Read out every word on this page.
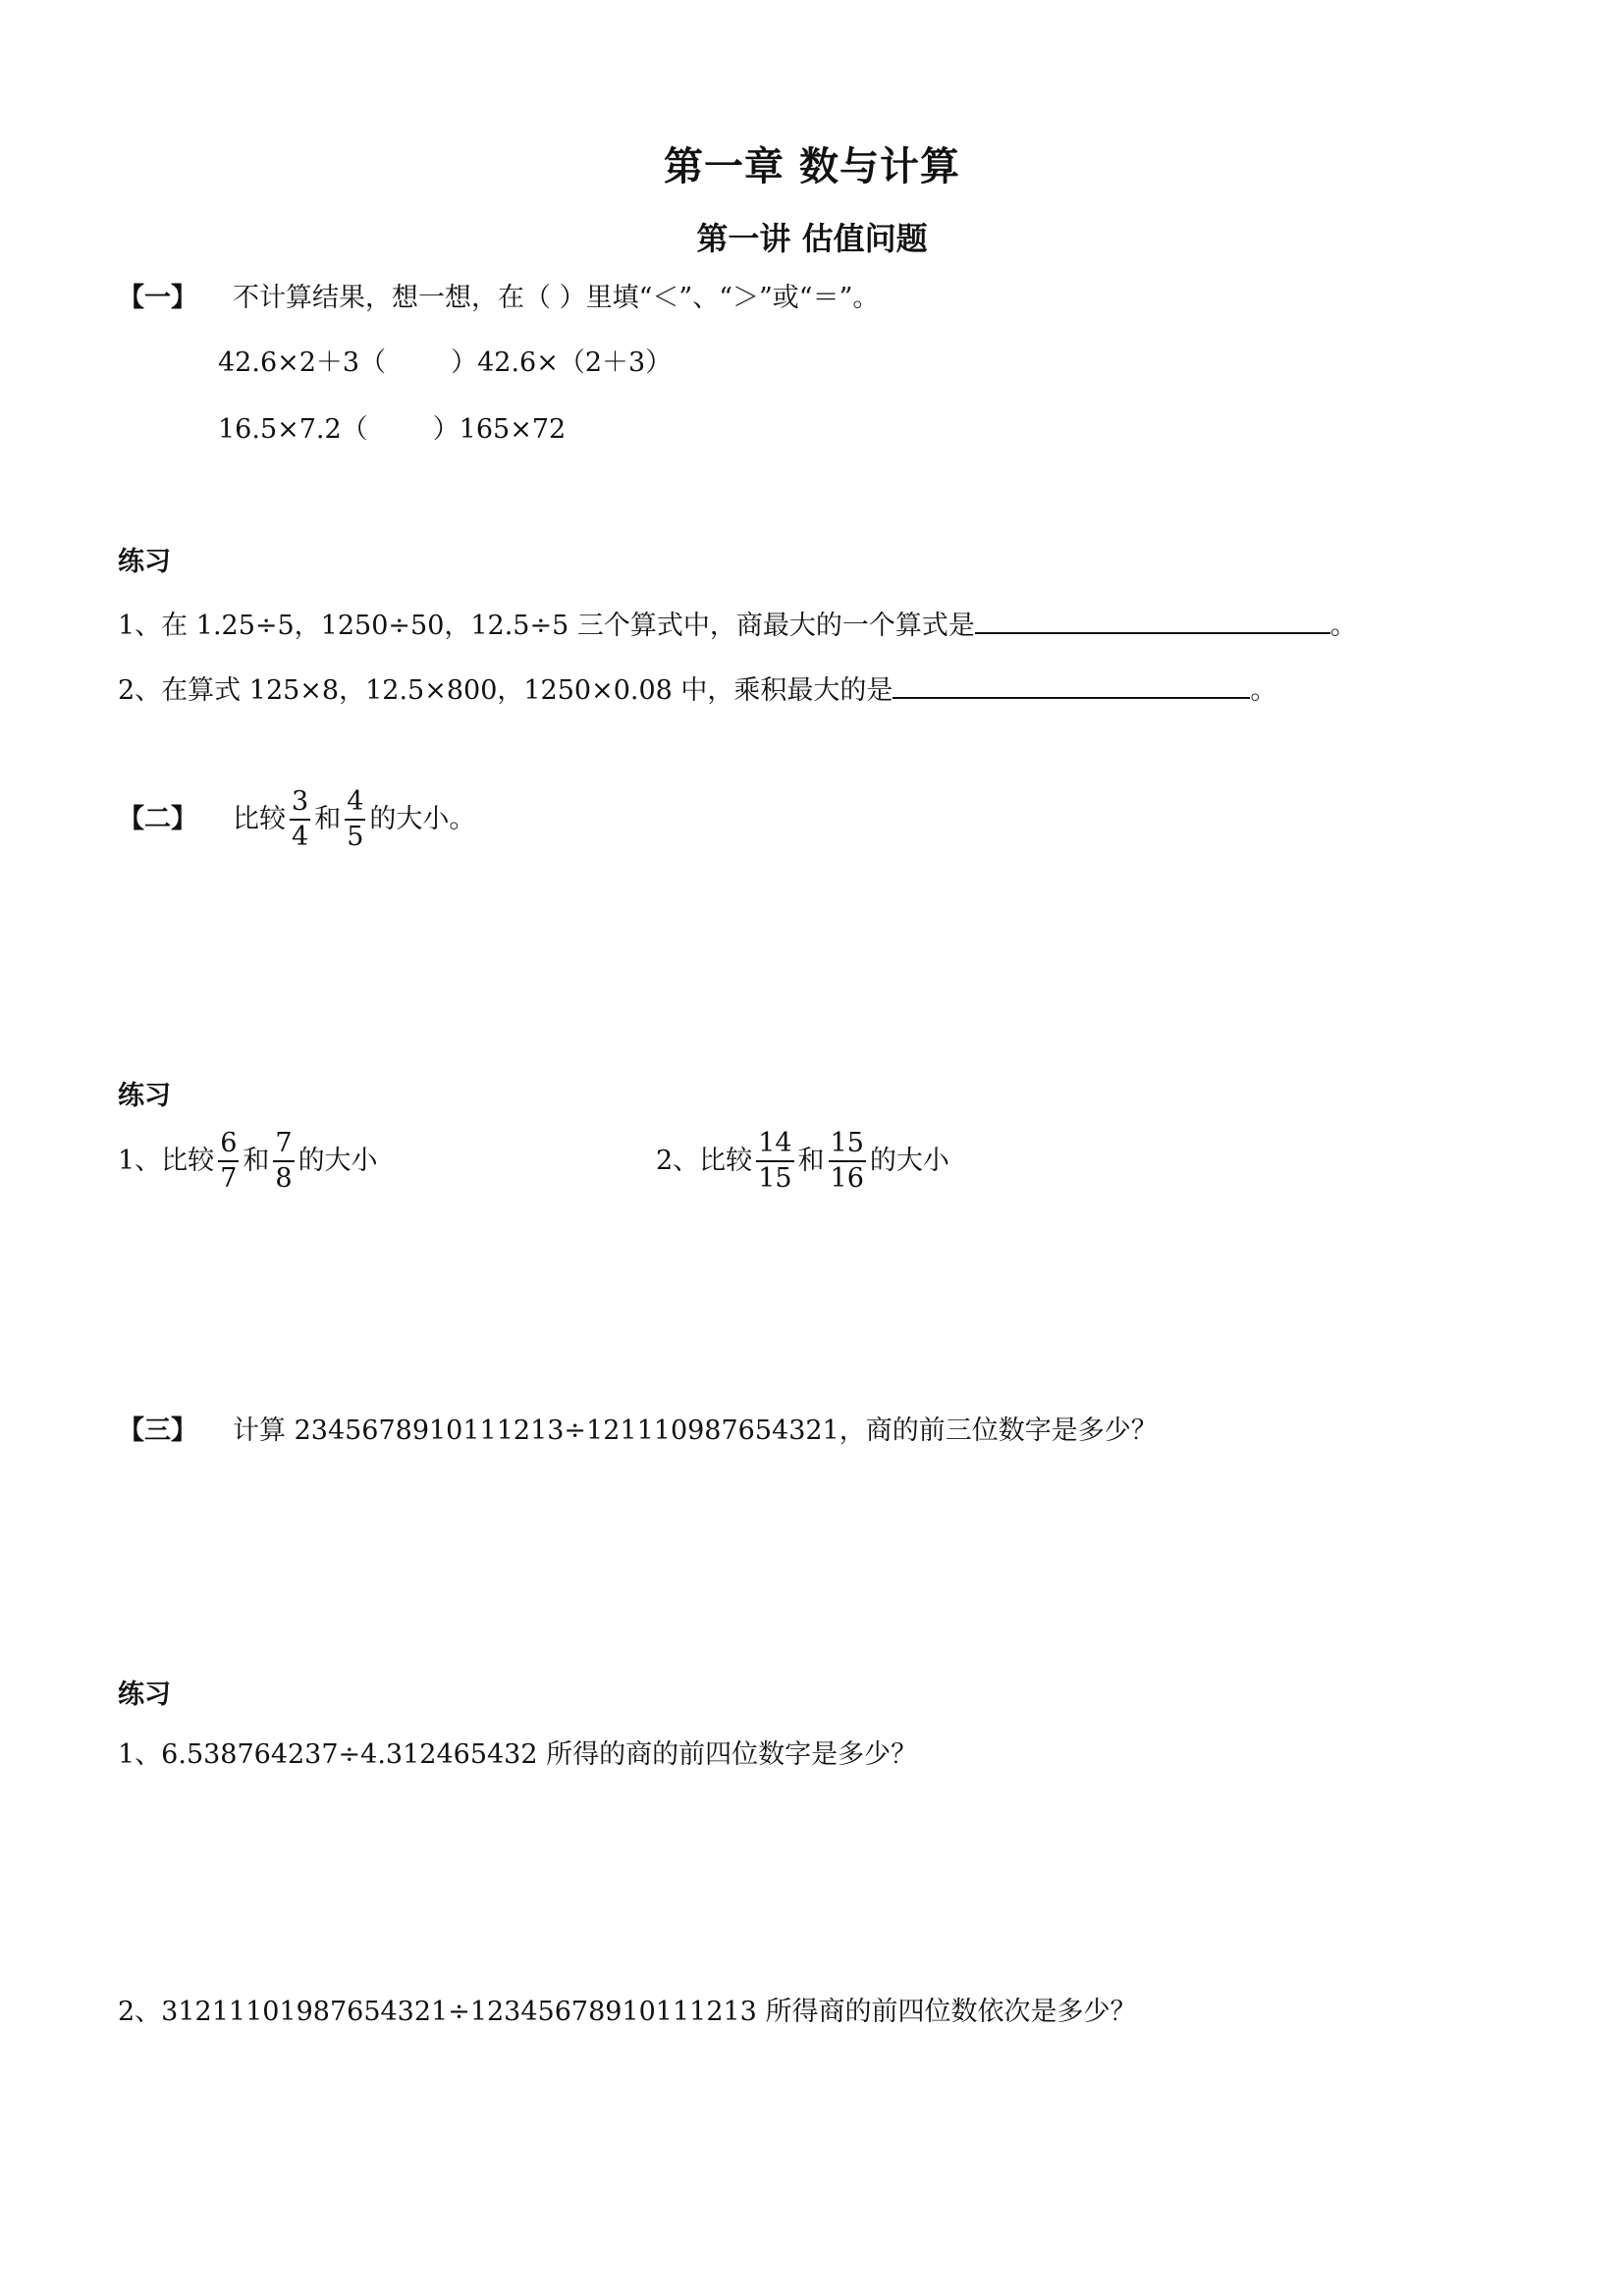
第一章 数与计算
第一讲 估值问题
【一】 不计算结果，想一想，在（ ）里填“＜”、“＞”或“＝”。
42.6×2＋3（ ）42.6×（2＋3）
16.5×7.2（ ）165×72
练习
1、在 1.25÷5，1250÷50，12.5÷5 三个算式中，商最大的一个算式是	。
2、在算式 125×8，12.5×800，1250×0.08 中，乘积最大的是	。
【二】 比较 $\frac{3}{4}$ 和 $\frac{4}{5}$ 的大小。
练习
1、比较 $\frac{6}{7}$ 和 $\frac{7}{8}$ 的大小	2、比较 $\frac{14}{15}$ 和 $\frac{15}{16}$ 的大小
【三】 计算 2345678910111213÷121110987654321，商的前三位数字是多少？
练习
1、6.538764237÷4.312465432 所得的商的前四位数字是多少？
2、31211101987654321÷12345678910111213 所得商的前四位数依次是多少？
